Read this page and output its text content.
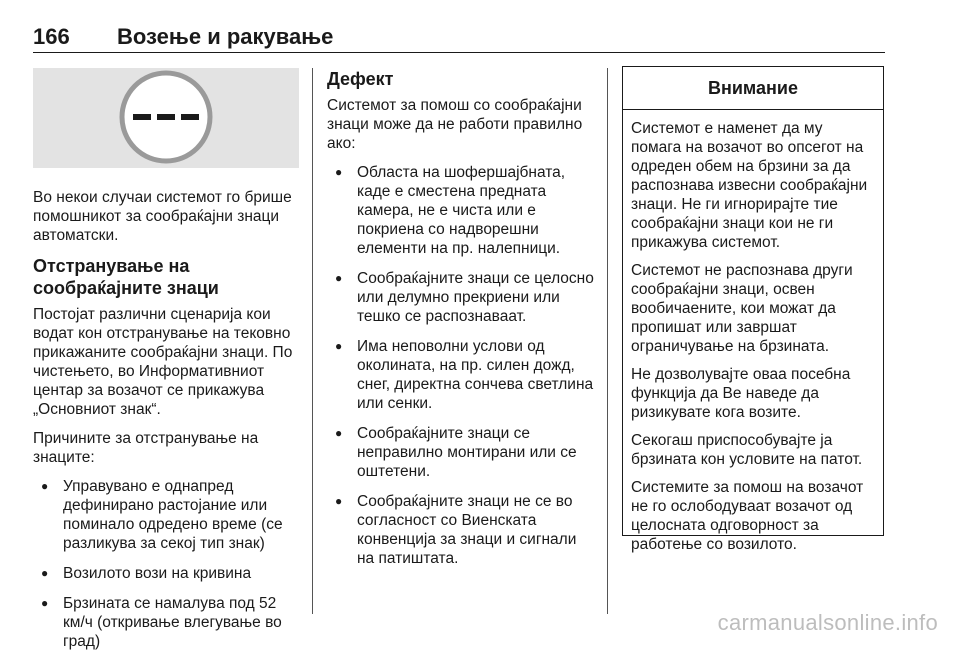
166 Возење и ракување

Во некои случаи системот го брише помошникот за сообраќајни знаци автоматски.

Отстранување на сообраќајните знаци

Постојат различни сценарија кои водат кон отстранување на тековно прикажаните сообраќајни знаци. По чистењето, во Информативниот центар за возачот се прикажува „Основниот знак“.

Причините за отстранување на знаците:

● Управувано е однапред дефинирано растојание или поминало одредено време (се разликува за секој тип знак)
● Возилото вози на кривина
● Брзината се намалува под 52 км/ч (откривање влегување во град)
Дефект

Системот за помош со сообраќајни знаци може да не работи правилно ако:

● Областа на шофершајбната, каде е сместена предната камера, не е чиста или е покриена со надворешни елементи на пр. налепници.
● Сообраќајните знаци се целосно или делумно прекриени или тешко се распознаваат.
● Има неповолни услови од околината, на пр. силен дожд, снег, директна сончева светлина или сенки.
● Сообраќајните знаци се неправилно монтирани или се оштетени.
● Сообраќајните знаци не се во согласност со Виенската конвенција за знаци и сигнали на патиштата.
Внимание

Системот е наменет да му помага на возачот во опсегот на одреден обем на брзини за да распознава извесни сообраќајни знаци. Не ги игнорирајте тие сообраќајни знаци кои не ги прикажува системот.

Системот не распознава други сообраќајни знаци, освен вообичаените, кои можат да пропишат или завршат ограничување на брзината.

Не дозволувајте оваа посебна функција да Ве наведе да ризикувате кога возите.

Секогаш приспособувајте ја брзината кон условите на патот.

Системите за помош на возачот не го ослободуваат возачот од целосната одговорност за работење со возилото.

carmanualsonline.info
